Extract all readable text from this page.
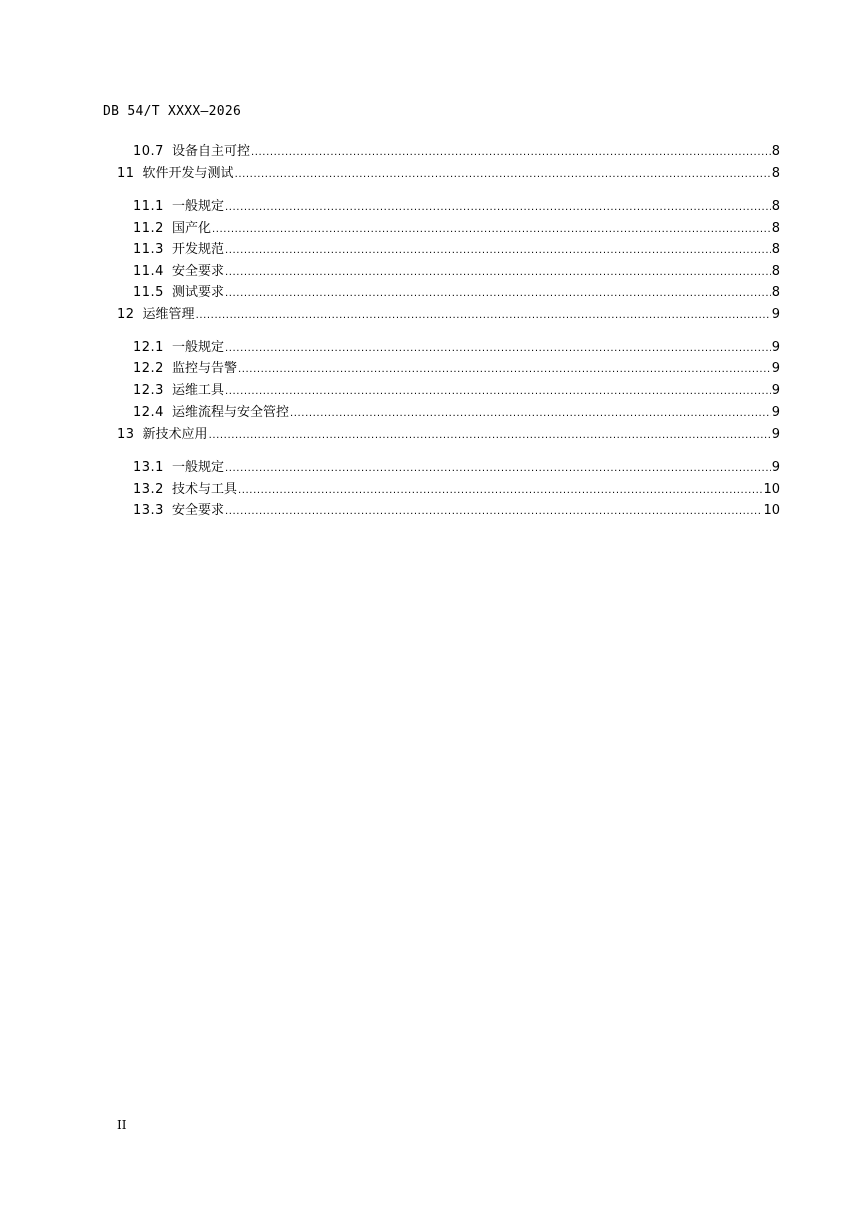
DB 54/T XXXX—2026
10.7 设备自主可控 .....	8
11 软件开发与测试 .....	8
11.1 一般规定 .....	8
11.2 国产化 .....	8
11.3 开发规范 .....	8
11.4 安全要求 .....	8
11.5 测试要求 .....	8
12 运维管理 .....	9
12.1 一般规定 .....	9
12.2 监控与告警 .....	9
12.3 运维工具 .....	9
12.4 运维流程与安全管控 .....	9
13 新技术应用 .....	9
13.1 一般规定 .....	9
13.2 技术与工具 .....	10
13.3 安全要求 .....	10
II
